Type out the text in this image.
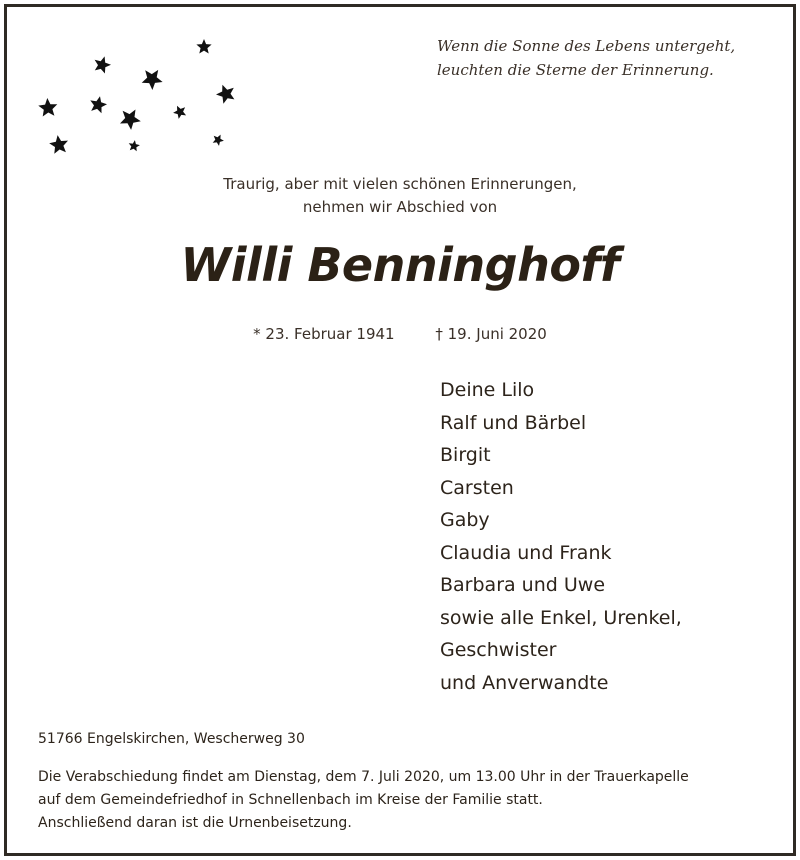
Wenn die Sonne des Lebens untergeht,
leuchten die Sterne der Erinnerung.
Traurig, aber mit vielen schönen Erinnerungen,
nehmen wir Abschied von
Willi Benninghoff
* 23. Februar 1941	† 19. Juni 2020
Deine Lilo
Ralf und Bärbel
Birgit
Carsten
Gaby
Claudia und Frank
Barbara und Uwe
sowie alle Enkel, Urenkel,
Geschwister
und Anverwandte
51766 Engelskirchen, Wescherweg 30
Die Verabschiedung findet am Dienstag, dem 7. Juli 2020, um 13.00 Uhr in der Trauerkapelle
auf dem Gemeindefriedhof in Schnellenbach im Kreise der Familie statt.
Anschließend daran ist die Urnenbeisetzung.
